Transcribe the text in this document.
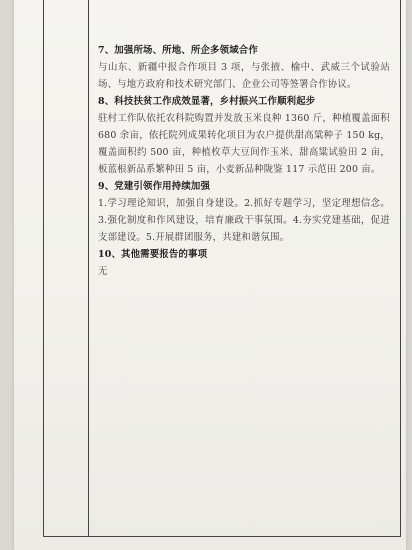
7、加强所场、所地、所企多领域合作
与山东、新疆中报合作项目 3 项，与张掖、榆中、武威三个试验站场、与地方政府和技术研究部门、企业公司等签署合作协议。
8、科技扶贫工作成效显著，乡村振兴工作顺利起步
驻村工作队依托农科院购置并发放玉米良种 1360 斤，种植覆盖面积 680 余亩，依托院列成果转化项目为农户提供甜高粱种子 150 kg，覆盖面积约 500 亩，种植枚草大豆间作玉米、甜高粱试验田 2 亩，板蓝根新品系繁种田 5 亩，小麦新品种陇鉴 117 示范田 200 亩。
9、党建引领作用持续加强
1.学习理论知识，加强自身建设。2.抓好专题学习，坚定理想信念。3.强化制度和作风建设，培育廉政干事氛围。4.夯实党建基础，促进支部建设。5.开展群团服务，共建和谐氛围。
10、其他需要报告的事项
无
